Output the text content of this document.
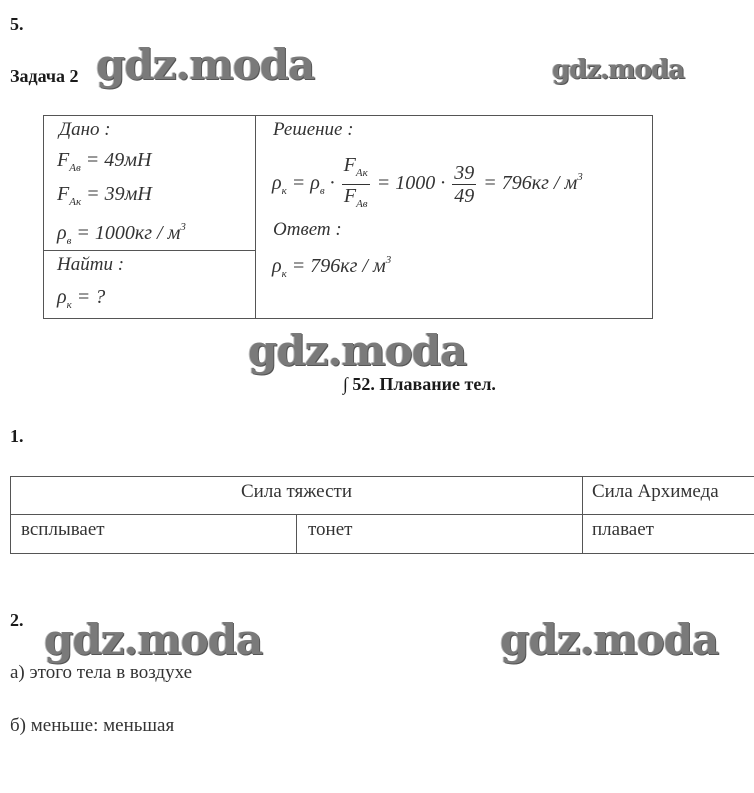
5.
Задача 2 gdz.moda	gdz.moda
gdz.moda
gdz.moda	gdz.moda
Дано :
$F_{Ав} = 49мН$
$F_{Ак} = 39мН$
$\rho_в = 1000кг / м^3$
Найти :
$\rho_к$ = ?
Решение :
$\rho_к = \rho_в \cdot \frac{F_{Ак}}{F_{Ав}} = 1000 \cdot \frac{39}{49} = 796кг / м^3$
Ответ :
$\rho_к = 796кг / м^3$
∫ 52. Плавание тел.
1.
Сила тяжести	Сила Архимеда
всплывает	тонет	плавает
2.
а) этого тела в воздухе
б) меньше: меньшая
